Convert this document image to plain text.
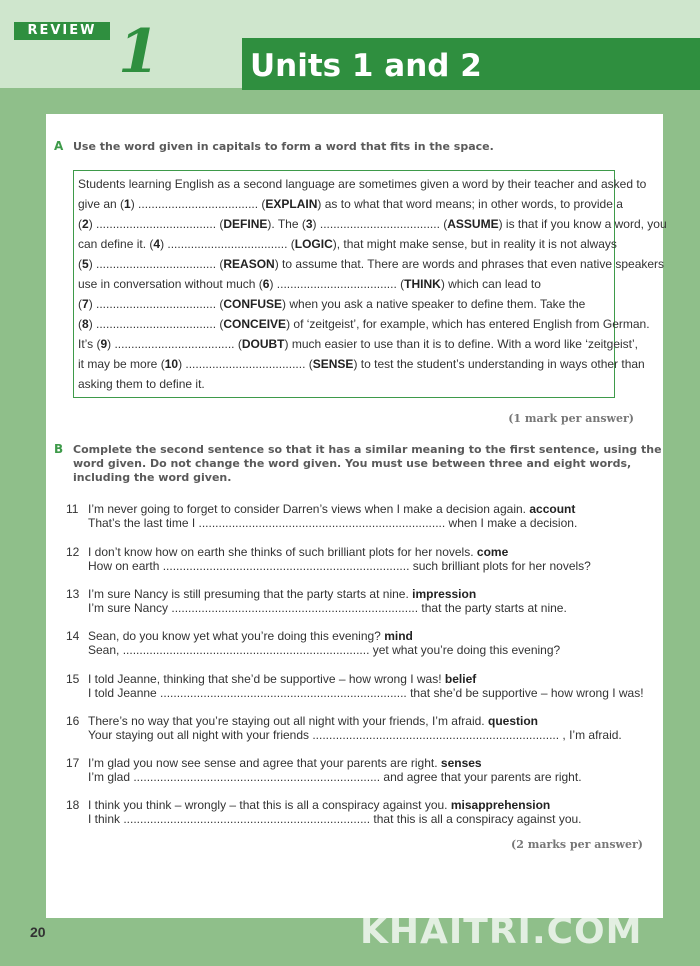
REVIEW 1	Units 1 and 2
A Use the word given in capitals to form a word that fits in the space.
Students learning English as a second language are sometimes given a word by their teacher and asked to
give an (1) .................................... (EXPLAIN) as to what that word means; in other words, to provide a
(2) .................................... (DEFINE). The (3) .................................... (ASSUME) is that if you know a word, you
can define it. (4) .................................... (LOGIC), that might make sense, but in reality it is not always
(5) .................................... (REASON) to assume that. There are words and phrases that even native speakers
use in conversation without much (6) .................................... (THINK) which can lead to
(7) .................................... (CONFUSE) when you ask a native speaker to define them. Take the
(8) .................................... (CONCEIVE) of ‘zeitgeist’, for example, which has entered English from German.
It’s (9) .................................... (DOUBT) much easier to use than it is to define. With a word like ‘zeitgeist’,
it may be more (10) .................................... (SENSE) to test the student’s understanding in ways other than
asking them to define it.
(1 mark per answer)
B Complete the second sentence so that it has a similar meaning to the first sentence, using the
word given. Do not change the word given. You must use between three and eight words,
including the word given.
11 I’m never going to forget to consider Darren’s views when I make a decision again. account
That’s the last time I .......................................................................... when I make a decision.
12 I don’t know how on earth she thinks of such brilliant plots for her novels. come
How on earth .......................................................................... such brilliant plots for her novels?
13 I’m sure Nancy is still presuming that the party starts at nine. impression
I’m sure Nancy .......................................................................... that the party starts at nine.
14 Sean, do you know yet what you’re doing this evening? mind
Sean, .......................................................................... yet what you’re doing this evening?
15 I told Jeanne, thinking that she’d be supportive – how wrong I was! belief
I told Jeanne .......................................................................... that she’d be supportive – how wrong I was!
16 There’s no way that you’re staying out all night with your friends, I’m afraid. question
Your staying out all night with your friends .......................................................................... , I’m afraid.
17 I’m glad you now see sense and agree that your parents are right. senses
I’m glad .......................................................................... and agree that your parents are right.
18 I think you think – wrongly – that this is all a conspiracy against you. misapprehension
I think .......................................................................... that this is all a conspiracy against you.
(2 marks per answer)
20
Sách
KHAITRI.COM
